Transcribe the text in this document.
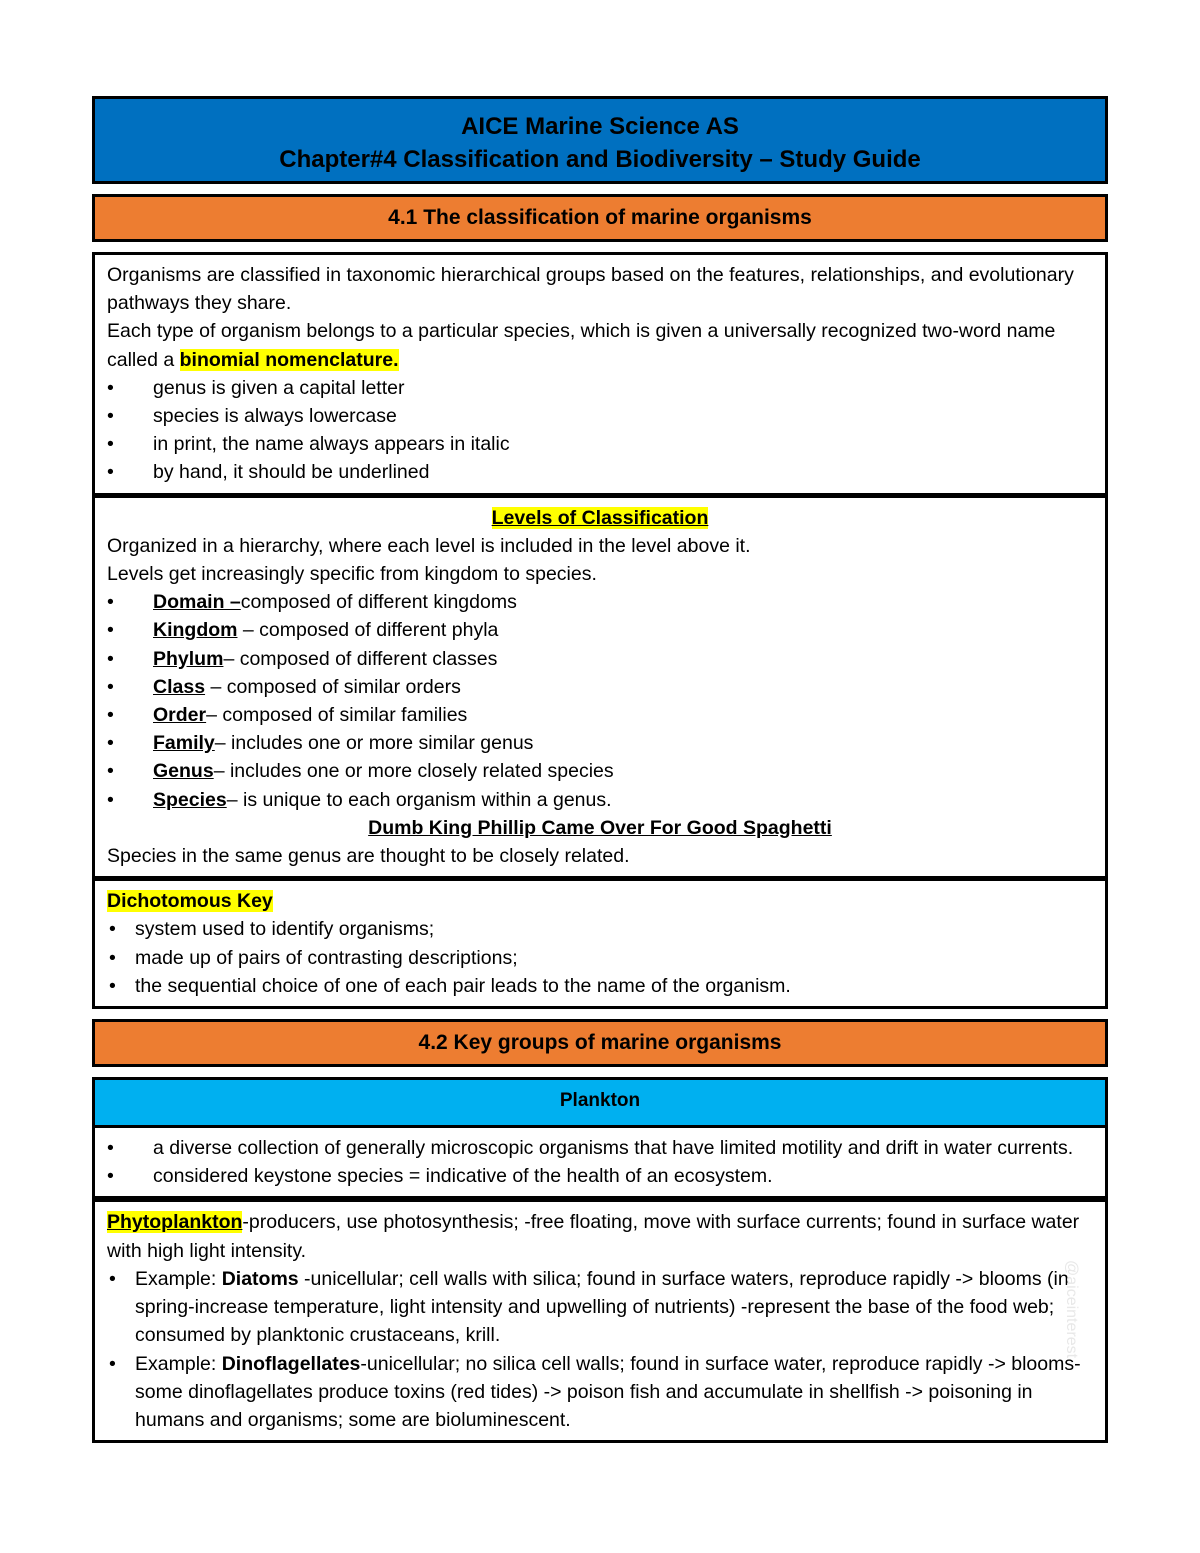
AICE Marine Science AS
Chapter#4 Classification and Biodiversity – Study Guide
4.1 The classification of marine organisms
Organisms are classified in taxonomic hierarchical groups based on the features, relationships, and evolutionary pathways they share.
Each type of organism belongs to a particular species, which is given a universally recognized two-word name called a binomial nomenclature.
• genus is given a capital letter
• species is always lowercase
• in print, the name always appears in italic
• by hand, it should be underlined
Levels of Classification
Organized in a hierarchy, where each level is included in the level above it.
Levels get increasingly specific from kingdom to species.
• Domain –composed of different kingdoms
• Kingdom – composed of different phyla
• Phylum– composed of different classes
• Class – composed of similar orders
• Order– composed of similar families
• Family– includes one or more similar genus
• Genus– includes one or more closely related species
• Species– is unique to each organism within a genus.
Dumb King Phillip Came Over For Good Spaghetti
Species in the same genus are thought to be closely related.
Dichotomous Key
• system used to identify organisms;
• made up of pairs of contrasting descriptions;
• the sequential choice of one of each pair leads to the name of the organism.
4.2 Key groups of marine organisms
Plankton
• a diverse collection of generally microscopic organisms that have limited motility and drift in water currents.
• considered keystone species = indicative of the health of an ecosystem.
Phytoplankton-producers, use photosynthesis; -free floating, move with surface currents; found in surface water with high light intensity.
• Example: Diatoms -unicellular; cell walls with silica; found in surface waters, reproduce rapidly -> blooms (in spring-increase temperature, light intensity and upwelling of nutrients) -represent the base of the food web; consumed by planktonic crustaceans, krill.
• Example: Dinoflagellates-unicellular; no silica cell walls; found in surface water, reproduce rapidly -> blooms-some dinoflagellates produce toxins (red tides) -> poison fish and accumulate in shellfish -> poisoning in humans and organisms; some are bioluminescent.
@aiceinterest
